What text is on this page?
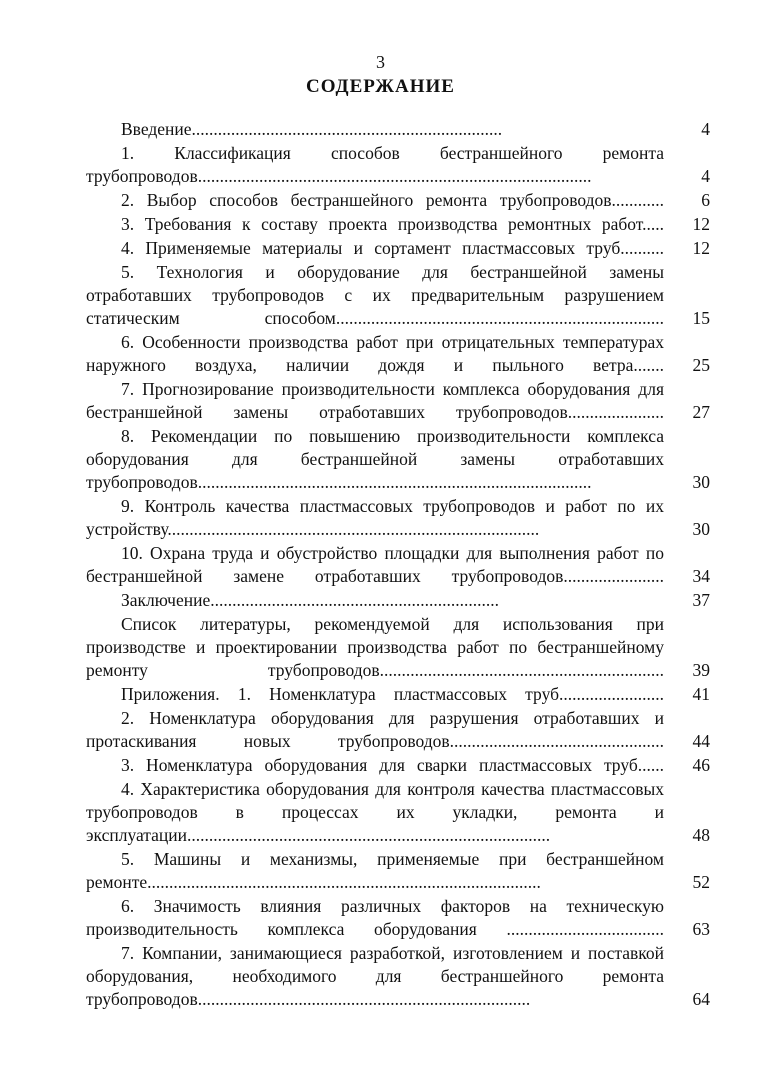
3
СОДЕРЖАНИЕ
Введение.......................................................................	4
1. Классификация способов бестраншейного ремонта трубопроводов..........................................................................................	4
2. Выбор способов бестраншейного ремонта трубопроводов............	6
3. Требования к составу проекта производства ремонтных работ.....	12
4. Применяемые материалы и сортамент пластмассовых труб..........	12
5. Технология и оборудование для бестраншейной замены отработавших трубопроводов с их предварительным разрушением статическим способом...........................................................................	15
6. Особенности производства работ при отрицательных температурах наружного воздуха, наличии дождя и пыльного ветра.......	25
7. Прогнозирование производительности комплекса оборудования для бестраншейной замены отработавших трубопроводов......................	27
8. Рекомендации по повышению производительности комплекса оборудования для бестраншейной замены отработавших трубопроводов..........................................................................................	30
9. Контроль качества пластмассовых трубопроводов и работ по их устройству.....................................................................................	30
10. Охрана труда и обустройство площадки для выполнения работ по бестраншейной замене отработавших трубопроводов.......................	34
Заключение..................................................................	37
Список литературы, рекомендуемой для использования при производстве и проектировании производства работ по бестраншейному ремонту трубопроводов.................................................................	39
Приложения. 1. Номенклатура пластмассовых труб........................	41
2. Номенклатура оборудования для разрушения отработавших и протаскивания новых трубопроводов.................................................	44
3. Номенклатура оборудования для сварки пластмассовых труб......	46
4. Характеристика оборудования для контроля качества пластмассовых трубопроводов в процессах их укладки, ремонта и эксплуатации...................................................................................	48
5. Машины и механизмы, применяемые при бестраншейном ремонте..........................................................................................	52
6. Значимость влияния различных факторов на техническую производительность комплекса оборудования ....................................	63
7. Компании, занимающиеся разработкой, изготовлением и поставкой оборудования, необходимого для бестраншейного ремонта трубопроводов............................................................................	64
